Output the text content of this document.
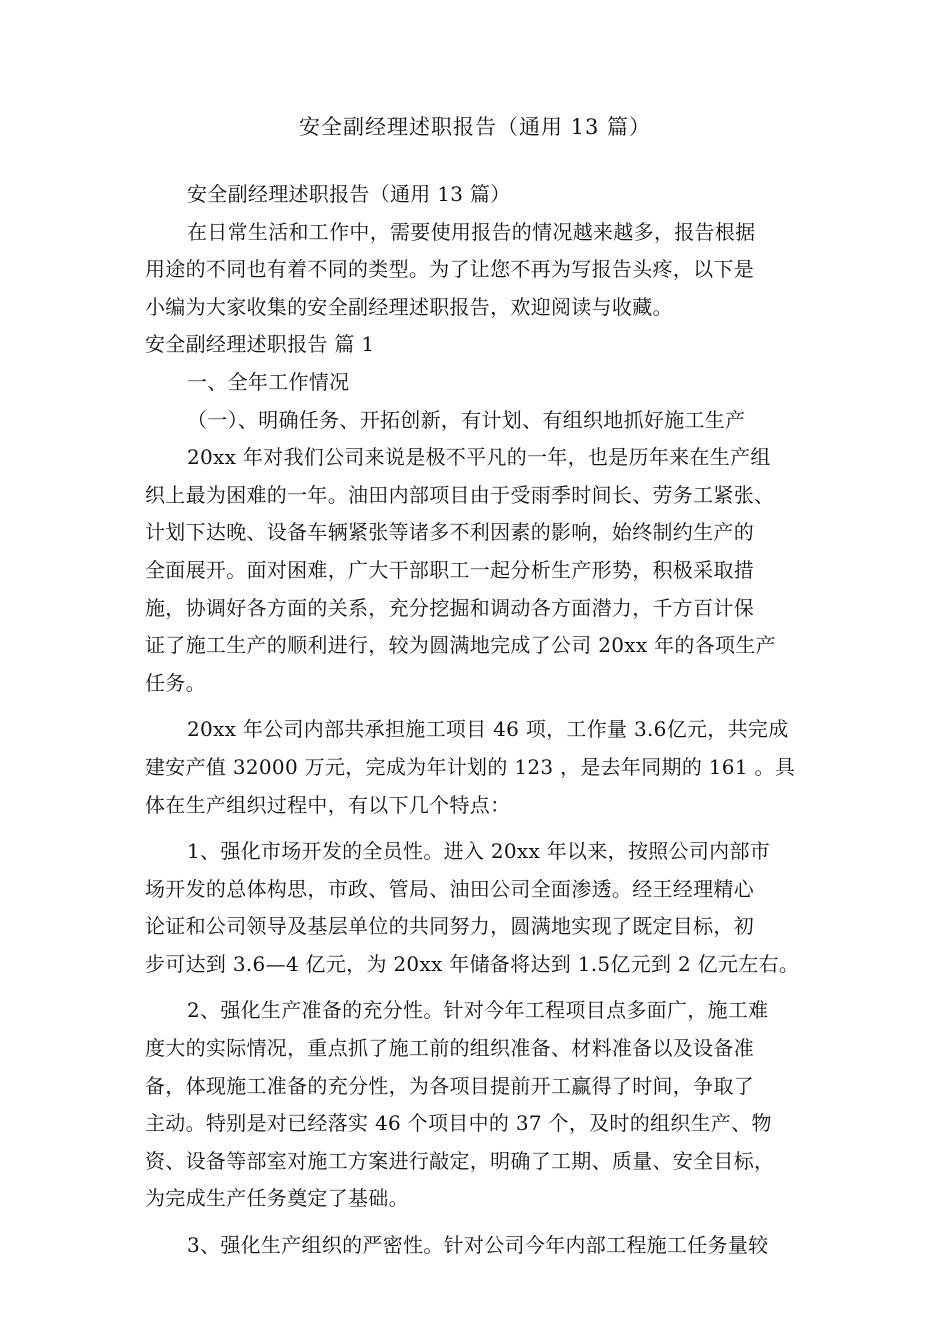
安全副经理述职报告（通用 13 篇）
安全副经理述职报告（通用 13 篇）
在日常生活和工作中，需要使用报告的情况越来越多，报告根据
用途的不同也有着不同的类型。为了让您不再为写报告头疼，以下是
小编为大家收集的安全副经理述职报告，欢迎阅读与收藏。
安全副经理述职报告 篇 1
一、全年工作情况
（一）、明确任务、开拓创新，有计划、有组织地抓好施工生产
20xx 年对我们公司来说是极不平凡的一年，也是历年来在生产组
织上最为困难的一年。油田内部项目由于受雨季时间长、劳务工紧张、
计划下达晚、设备车辆紧张等诸多不利因素的影响，始终制约生产的
全面展开。面对困难，广大干部职工一起分析生产形势，积极采取措
施，协调好各方面的关系，充分挖掘和调动各方面潜力，千方百计保
证了施工生产的顺利进行，较为圆满地完成了公司 20xx 年的各项生产
任务。
20xx 年公司内部共承担施工项目 46 项，工作量 3.6亿元，共完成
建安产值 32000 万元，完成为年计划的 123 ，是去年同期的 161 。具
体在生产组织过程中，有以下几个特点：
1、强化市场开发的全员性。进入 20xx 年以来，按照公司内部市
场开发的总体构思，市政、管局、油田公司全面渗透。经王经理精心
论证和公司领导及基层单位的共同努力，圆满地实现了既定目标，初
步可达到 3.6—4 亿元，为 20xx 年储备将达到 1.5亿元到 2 亿元左右。
2、强化生产准备的充分性。针对今年工程项目点多面广，施工难
度大的实际情况，重点抓了施工前的组织准备、材料准备以及设备准
备，体现施工准备的充分性，为各项目提前开工赢得了时间，争取了
主动。特别是对已经落实 46 个项目中的 37 个，及时的组织生产、物
资、设备等部室对施工方案进行敲定，明确了工期、质量、安全目标，
为完成生产任务奠定了基础。
3、强化生产组织的严密性。针对公司今年内部工程施工任务量较
